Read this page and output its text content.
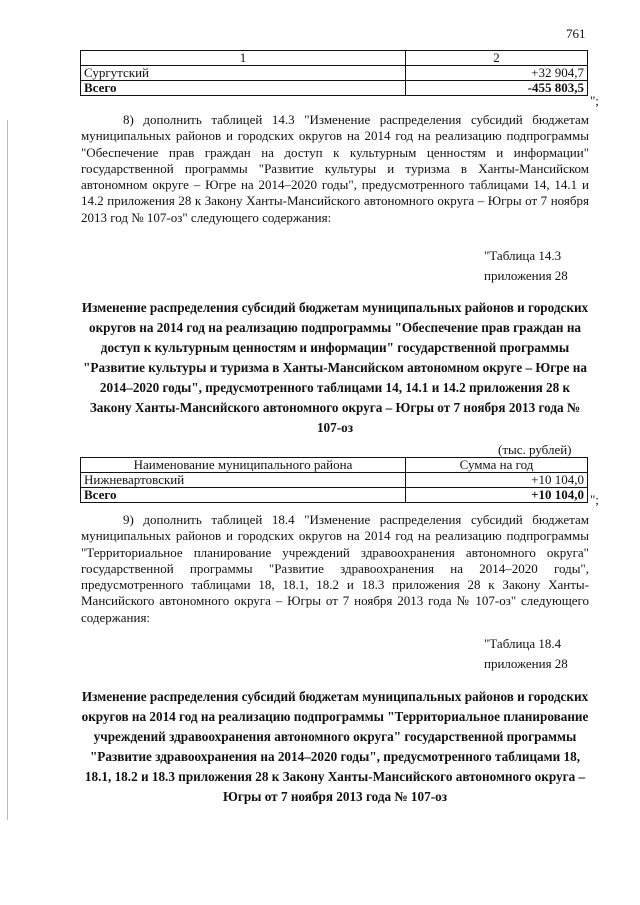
761
1	2
Сургутский	+32 904,7
Всего	-455 803,5
";
8) дополнить таблицей 14.3 "Изменение распределения субсидий бюджетам муниципальных районов и городских округов на 2014 год на реализацию подпрограммы "Обеспечение прав граждан на доступ к культурным ценностям и информации" государственной программы "Развитие культуры и туризма в Ханты-Мансийском автономном округе – Югре на 2014–2020 годы", предусмотренного таблицами 14, 14.1 и 14.2 приложения 28 к Закону Ханты-Мансийского автономного округа – Югры от 7 ноября 2013 год № 107-оз" следующего содержания:
"Таблица 14.3
приложения 28
Изменение распределения субсидий бюджетам муниципальных районов и городских округов на 2014 год на реализацию подпрограммы "Обеспечение прав граждан на доступ к культурным ценностям и информации" государственной программы "Развитие культуры и туризма в Ханты-Мансийском автономном округе – Югре на 2014–2020 годы", предусмотренного таблицами 14, 14.1 и 14.2 приложения 28 к Закону Ханты-Мансийского автономного округа – Югры от 7 ноября 2013 года № 107-оз
(тыс. рублей)
Наименование муниципального района	Сумма на год
Нижневартовский	+10 104,0
Всего	+10 104,0 ";
9) дополнить таблицей 18.4 "Изменение распределения субсидий бюджетам муниципальных районов и городских округов на 2014 год на реализацию подпрограммы "Территориальное планирование учреждений здравоохранения автономного округа" государственной программы "Развитие здравоохранения на 2014–2020 годы", предусмотренного таблицами 18, 18.1, 18.2 и 18.3 приложения 28 к Закону Ханты-Мансийского автономного округа – Югры от 7 ноября 2013 года № 107-оз" следующего содержания:
"Таблица 18.4
приложения 28
Изменение распределения субсидий бюджетам муниципальных районов и городских округов на 2014 год на реализацию подпрограммы "Территориальное планирование учреждений здравоохранения автономного округа" государственной программы "Развитие здравоохранения на 2014–2020 годы", предусмотренного таблицами 18, 18.1, 18.2 и 18.3 приложения 28 к Закону Ханты-Мансийского автономного округа – Югры от 7 ноября 2013 года № 107-оз
